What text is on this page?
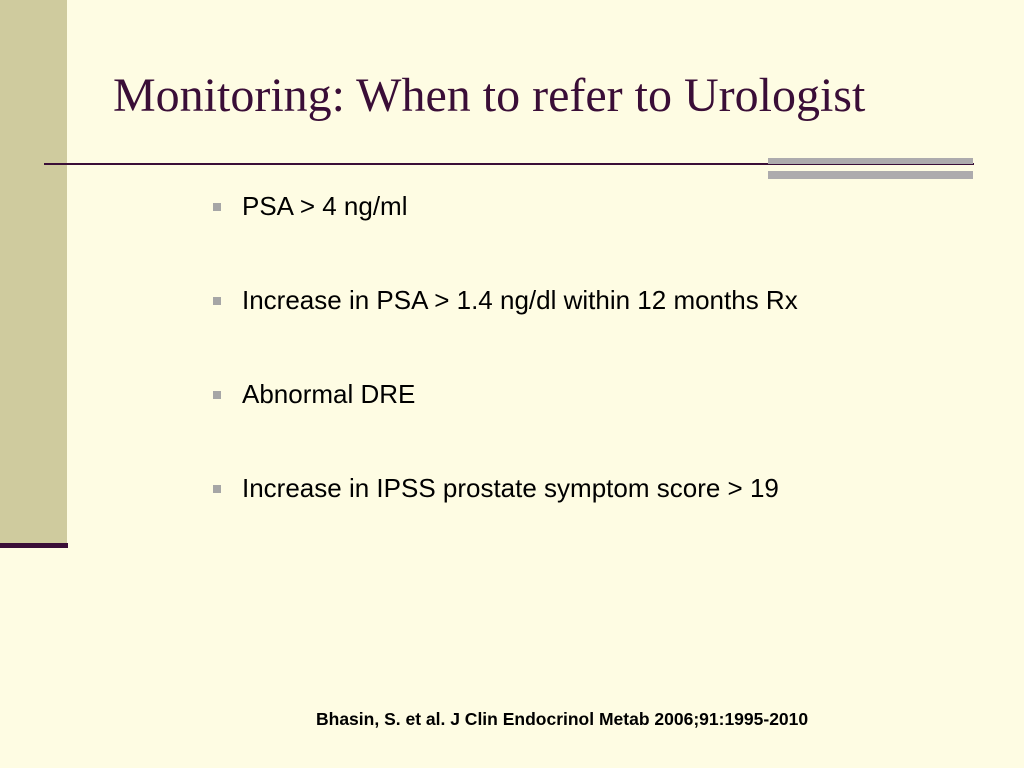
Monitoring: When to refer to Urologist
PSA > 4 ng/ml
Increase in PSA > 1.4 ng/dl within 12 months Rx
Abnormal DRE
Increase in IPSS prostate symptom score > 19
Bhasin, S. et al. J Clin Endocrinol Metab 2006;91:1995-2010
